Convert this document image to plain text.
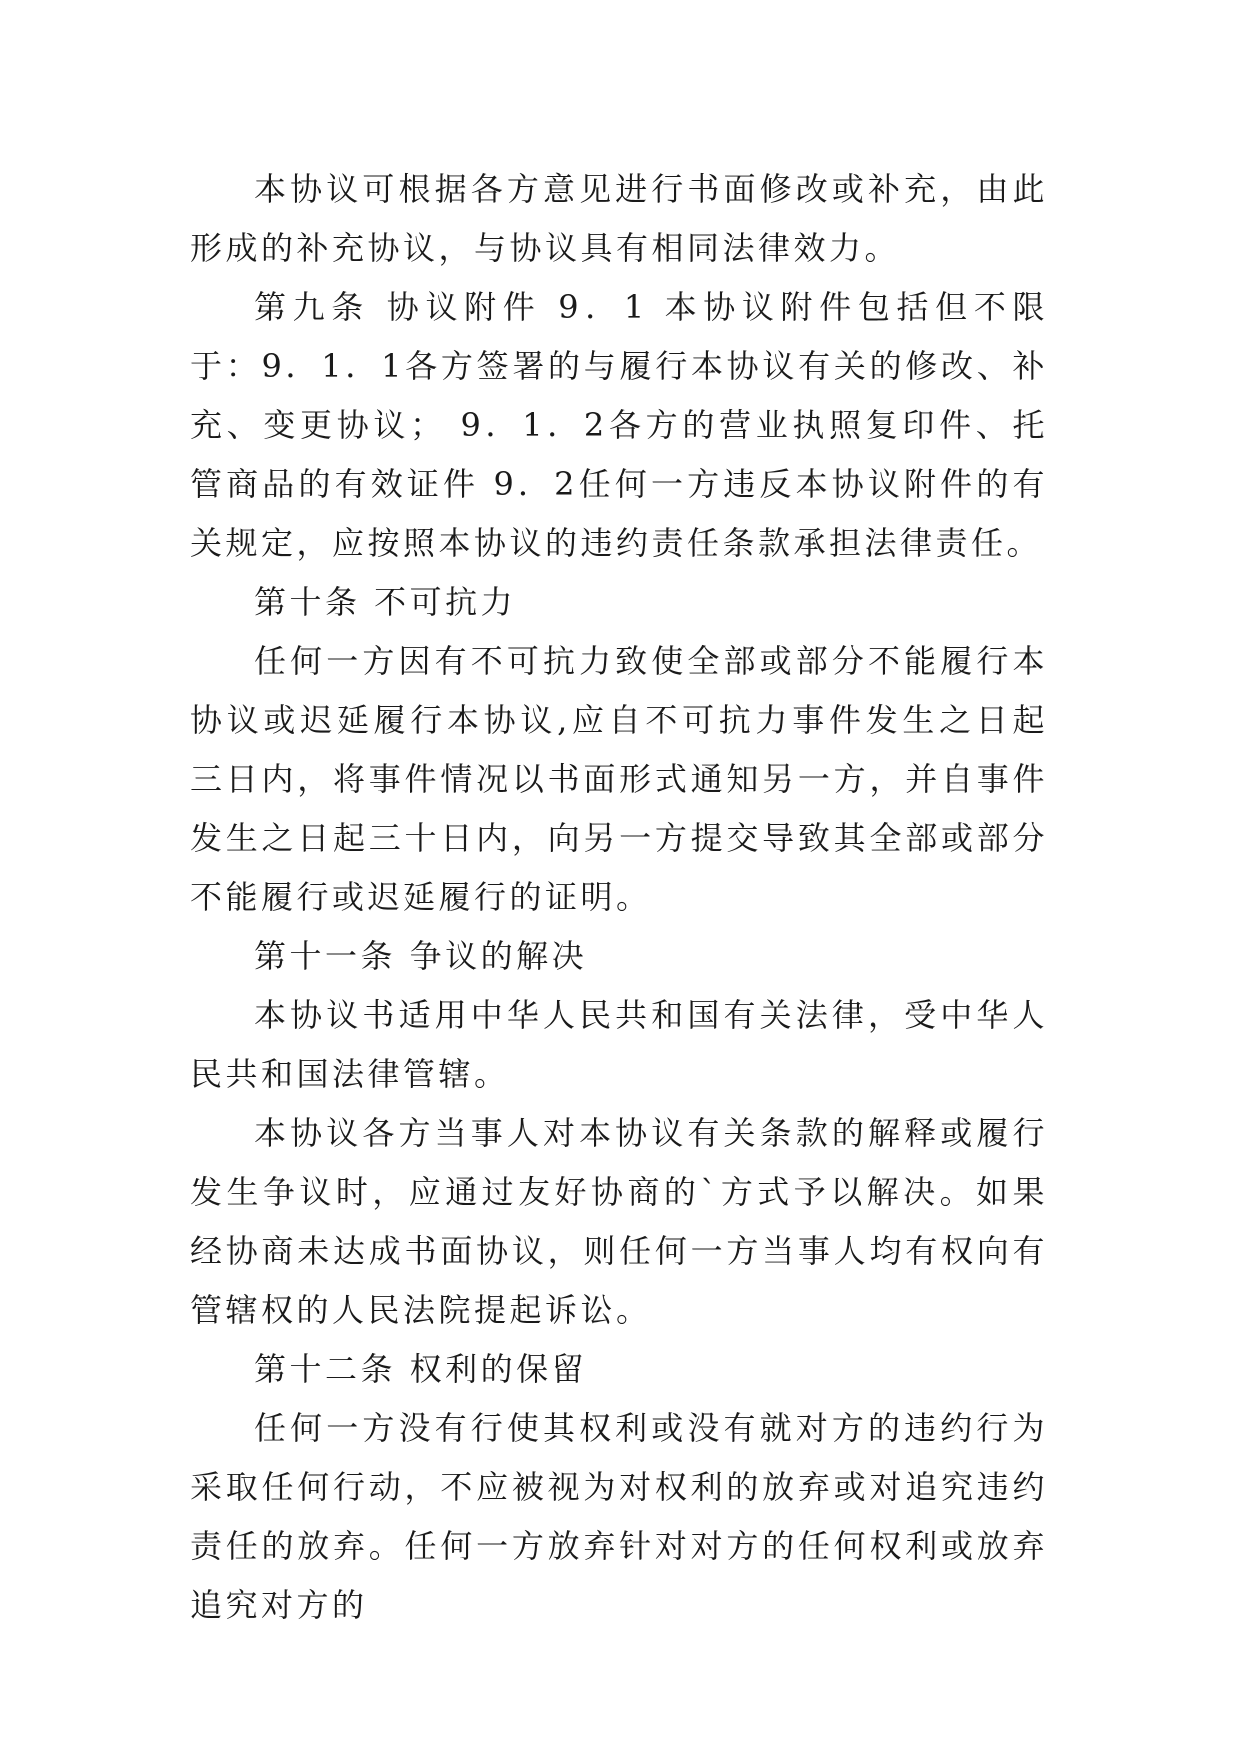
本协议可根据各方意见进行书面修改或补充，由此形成的补充协议，与协议具有相同法律效力。

第九条 协议附件 9．1 本协议附件包括但不限于：9．1．1各方签署的与履行本协议有关的修改、补充、变更协议； 9．1．2各方的营业执照复印件、托管商品的有效证件 9．2任何一方违反本协议附件的有关规定，应按照本协议的违约责任条款承担法律责任。

第十条 不可抗力

任何一方因有不可抗力致使全部或部分不能履行本协议或迟延履行本协议,应自不可抗力事件发生之日起三日内，将事件情况以书面形式通知另一方，并自事件发生之日起三十日内，向另一方提交导致其全部或部分不能履行或迟延履行的证明。

第十一条 争议的解决

本协议书适用中华人民共和国有关法律，受中华人民共和国法律管辖。

本协议各方当事人对本协议有关条款的解释或履行发生争议时，应通过友好协商的`方式予以解决。如果经协商未达成书面协议，则任何一方当事人均有权向有管辖权的人民法院提起诉讼。

第十二条 权利的保留

任何一方没有行使其权利或没有就对方的违约行为采取任何行动，不应被视为对权利的放弃或对追究违约责任的放弃。任何一方放弃针对对方的任何权利或放弃追究对方的
